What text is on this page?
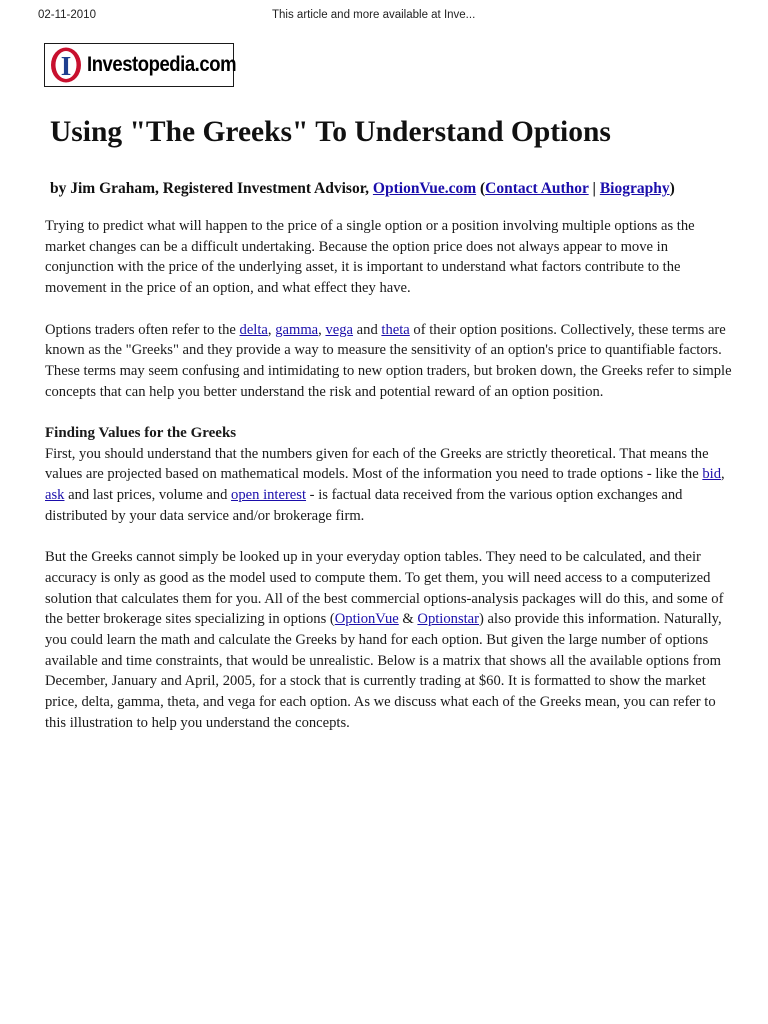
02-11-2010	This article and more available at Inve...
I Investopedia.com
Using "The Greeks" To Understand Options
by Jim Graham, Registered Investment Advisor, OptionVue.com (Contact Author | Biography)

Trying to predict what will happen to the price of a single option or a position involving multiple options as the market changes can be a difficult undertaking. Because the option price does not always appear to move in conjunction with the price of the underlying asset, it is important to understand what factors contribute to the movement in the price of an option, and what effect they have.

Options traders often refer to the delta, gamma, vega and theta of their option positions. Collectively, these terms are known as the "Greeks" and they provide a way to measure the sensitivity of an option's price to quantifiable factors. These terms may seem confusing and intimidating to new option traders, but broken down, the Greeks refer to simple concepts that can help you better understand the risk and potential reward of an option position.

Finding Values for the Greeks

First, you should understand that the numbers given for each of the Greeks are strictly theoretical. That means the values are projected based on mathematical models. Most of the information you need to trade options - like the bid, ask and last prices, volume and open interest - is factual data received from the various option exchanges and distributed by your data service and/or brokerage firm.

But the Greeks cannot simply be looked up in your everyday option tables. They need to be calculated, and their accuracy is only as good as the model used to compute them. To get them, you will need access to a computerized solution that calculates them for you. All of the best commercial options-analysis packages will do this, and some of the better brokerage sites specializing in options (OptionVue & Optionstar) also provide this information. Naturally, you could learn the math and calculate the Greeks by hand for each option. But given the large number of options available and time constraints, that would be unrealistic. Below is a matrix that shows all the available options from December, January and April, 2005, for a stock that is currently trading at $60. It is formatted to show the market price, delta, gamma, theta, and vega for each option. As we discuss what each of the Greeks mean, you can refer to this illustration to help you understand the concepts.
